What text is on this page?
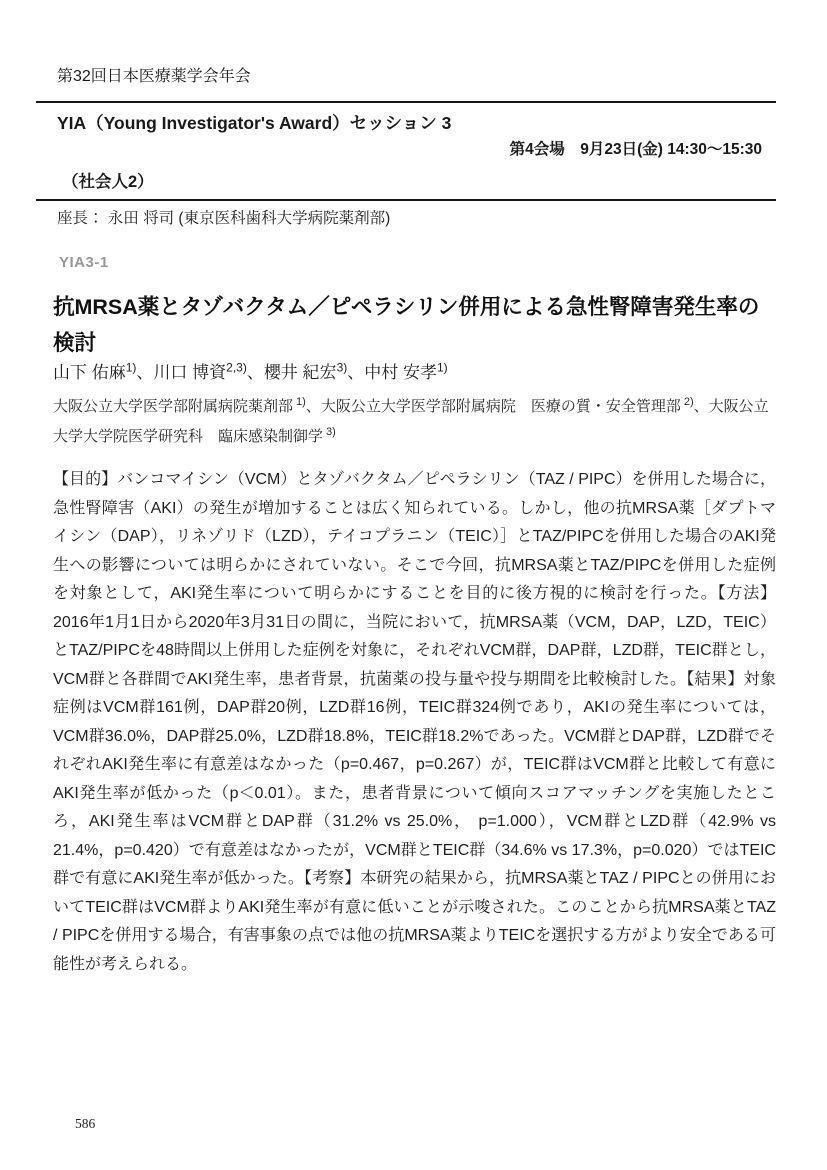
第32回日本医療薬学会年会
YIA（Young Investigator's Award）セッション 3
第4会場　9月23日(金) 14:30～15:30
（社会人2）
座長： 永田 将司 (東京医科歯科大学病院薬剤部)
YIA3-1
抗MRSA薬とタゾバクタム／ピペラシリン併用による急性腎障害発生率の検討
山下 佑麻$^{1)}$、川口 博資$^{2,3)}$、櫻井 紀宏$^{3)}$、中村 安孝$^{1)}$
大阪公立大学医学部附属病院薬剤部 $^{1)}$、大阪公立大学医学部附属病院　医療の質・安全管理部 $^{2)}$、大阪公立大学大学院医学研究科　臨床感染制御学 $^{3)}$

【目的】バンコマイシン（VCM）とタゾバクタム／ピペラシリン（TAZ / PIPC）を併用した場合に，急性腎障害（AKI）の発生が増加することは広く知られている。しかし，他の抗MRSA薬［ダプトマイシン（DAP），リネゾリド（LZD），テイコプラニン（TEIC）］とTAZ/PIPCを併用した場合のAKI発生への影響については明らかにされていない。そこで今回，抗MRSA薬とTAZ/PIPCを併用した症例を対象として，AKI発生率について明らかにすることを目的に後方視的に検討を行った。【方法】2016年1月1日から2020年3月31日の間に，当院において，抗MRSA薬（VCM，DAP，LZD，TEIC）とTAZ/PIPCを48時間以上併用した症例を対象に，それぞれVCM群，DAP群，LZD群，TEIC群とし，VCM群と各群間でAKI発生率，患者背景，抗菌薬の投与量や投与期間を比較検討した。【結果】対象症例はVCM群161例，DAP群20例，LZD群16例，TEIC群324例であり，AKIの発生率については，VCM群36.0%，DAP群25.0%，LZD群18.8%，TEIC群18.2%であった。VCM群とDAP群，LZD群でそれぞれAKI発生率に有意差はなかった（p=0.467，p=0.267）が，TEIC群はVCM群と比較して有意にAKI発生率が低かった（p＜0.01）。また，患者背景について傾向スコアマッチングを実施したところ，AKI発生率はVCM群とDAP群（31.2% vs 25.0%， p=1.000），VCM群とLZD群（42.9% vs 21.4%，p=0.420）で有意差はなかったが，VCM群とTEIC群（34.6% vs 17.3%，p=0.020）ではTEIC群で有意にAKI発生率が低かった。【考察】本研究の結果から，抗MRSA薬とTAZ / PIPCとの併用においてTEIC群はVCM群よりAKI発生率が有意に低いことが示唆された。このことから抗MRSA薬とTAZ / PIPCを併用する場合，有害事象の点では他の抗MRSA薬よりTEICを選択する方がより安全である可能性が考えられる。

586
